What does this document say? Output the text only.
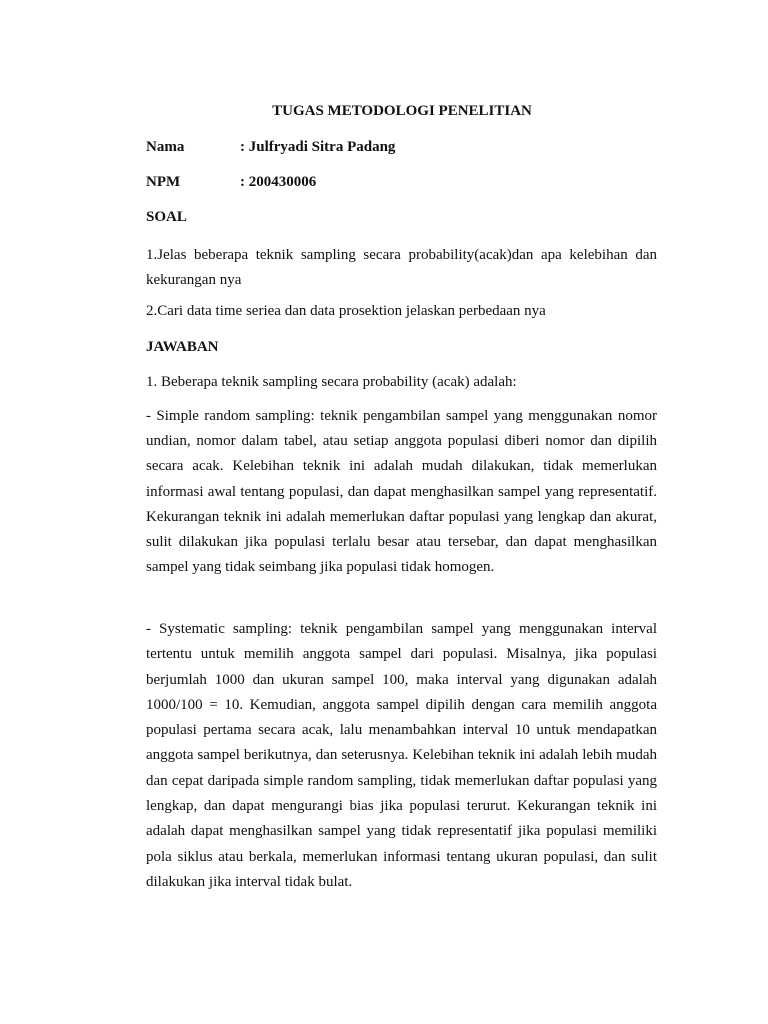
TUGAS METODOLOGI PENELITIAN
Nama	: Julfryadi Sitra Padang
NPM	: 200430006
SOAL

1.Jelas beberapa teknik sampling secara probability(acak)dan apa kelebihan dan kekurangan nya

2.Cari data time seriea dan data prosektion jelaskan perbedaan nya

JAWABAN

1. Beberapa teknik sampling secara probability (acak) adalah:

- Simple random sampling: teknik pengambilan sampel yang menggunakan nomor undian, nomor dalam tabel, atau setiap anggota populasi diberi nomor dan dipilih secara acak. Kelebihan teknik ini adalah mudah dilakukan, tidak memerlukan informasi awal tentang populasi, dan dapat menghasilkan sampel yang representatif. Kekurangan teknik ini adalah memerlukan daftar populasi yang lengkap dan akurat, sulit dilakukan jika populasi terlalu besar atau tersebar, dan dapat menghasilkan sampel yang tidak seimbang jika populasi tidak homogen.

- Systematic sampling: teknik pengambilan sampel yang menggunakan interval tertentu untuk memilih anggota sampel dari populasi. Misalnya, jika populasi berjumlah 1000 dan ukuran sampel 100, maka interval yang digunakan adalah 1000/100 = 10. Kemudian, anggota sampel dipilih dengan cara memilih anggota populasi pertama secara acak, lalu menambahkan interval 10 untuk mendapatkan anggota sampel berikutnya, dan seterusnya. Kelebihan teknik ini adalah lebih mudah dan cepat daripada simple random sampling, tidak memerlukan daftar populasi yang lengkap, dan dapat mengurangi bias jika populasi terurut. Kekurangan teknik ini adalah dapat menghasilkan sampel yang tidak representatif jika populasi memiliki pola siklus atau berkala, memerlukan informasi tentang ukuran populasi, dan sulit dilakukan jika interval tidak bulat.
